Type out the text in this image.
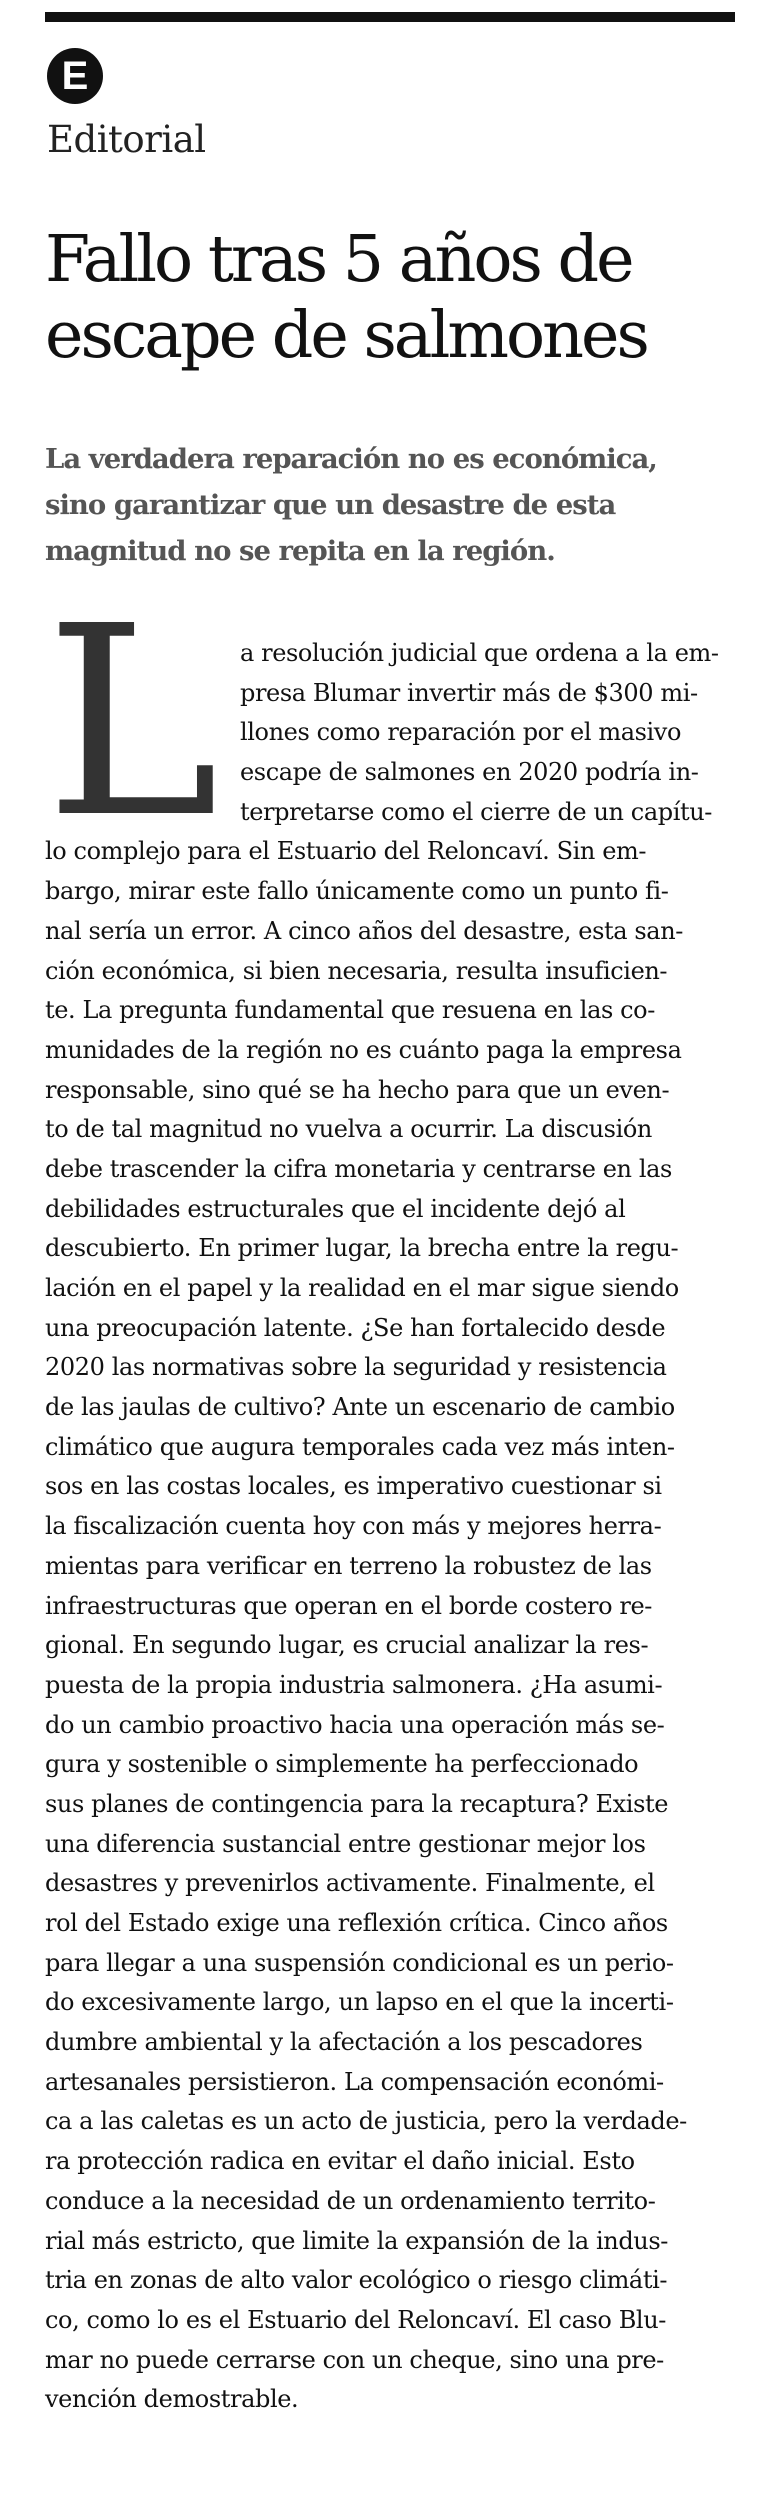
E
Editorial
Fallo tras 5 años de
escape de salmones

La verdadera reparación no es económica,
sino garantizar que un desastre de esta
magnitud no se repita en la región.

L a resolución judicial que ordena a la em-
presa Blumar invertir más de $300 mi-
llones como reparación por el masivo
escape de salmones en 2020 podría in-
terpretarse como el cierre de un capítu-
lo complejo para el Estuario del Reloncaví. Sin em-
bargo, mirar este fallo únicamente como un punto fi-
nal sería un error. A cinco años del desastre, esta san-
ción económica, si bien necesaria, resulta insuficien-
te. La pregunta fundamental que resuena en las co-
munidades de la región no es cuánto paga la empresa
responsable, sino qué se ha hecho para que un even-
to de tal magnitud no vuelva a ocurrir. La discusión
debe trascender la cifra monetaria y centrarse en las
debilidades estructurales que el incidente dejó al
descubierto. En primer lugar, la brecha entre la regu-
lación en el papel y la realidad en el mar sigue siendo
una preocupación latente. ¿Se han fortalecido desde
2020 las normativas sobre la seguridad y resistencia
de las jaulas de cultivo? Ante un escenario de cambio
climático que augura temporales cada vez más inten-
sos en las costas locales, es imperativo cuestionar si
la fiscalización cuenta hoy con más y mejores herra-
mientas para verificar en terreno la robustez de las
infraestructuras que operan en el borde costero re-
gional. En segundo lugar, es crucial analizar la res-
puesta de la propia industria salmonera. ¿Ha asumi-
do un cambio proactivo hacia una operación más se-
gura y sostenible o simplemente ha perfeccionado
sus planes de contingencia para la recaptura? Existe
una diferencia sustancial entre gestionar mejor los
desastres y prevenirlos activamente. Finalmente, el
rol del Estado exige una reflexión crítica. Cinco años
para llegar a una suspensión condicional es un perio-
do excesivamente largo, un lapso en el que la incerti-
dumbre ambiental y la afectación a los pescadores
artesanales persistieron. La compensación económi-
ca a las caletas es un acto de justicia, pero la verdade-
ra protección radica en evitar el daño inicial. Esto
conduce a la necesidad de un ordenamiento territo-
rial más estricto, que limite la expansión de la indus-
tria en zonas de alto valor ecológico o riesgo climáti-
co, como lo es el Estuario del Reloncaví. El caso Blu-
mar no puede cerrarse con un cheque, sino una pre-
vención demostrable.
